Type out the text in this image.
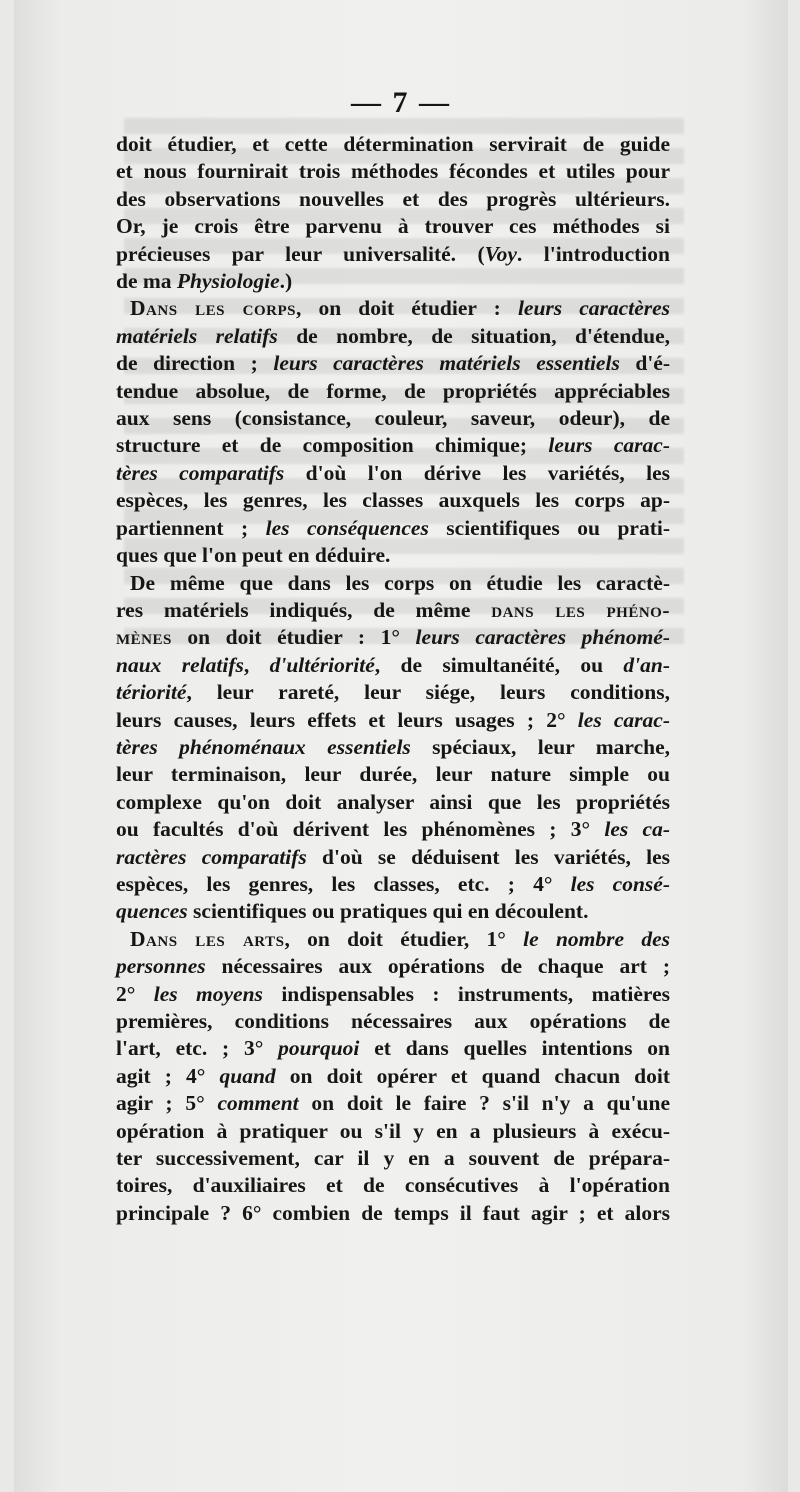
— 7 —
doit étudier, et cette détermination servirait de guide
et nous fournirait trois méthodes fécondes et utiles pour
des observations nouvelles et des progrès ultérieurs.
Or, je crois être parvenu à trouver ces méthodes si
précieuses par leur universalité. (Voy. l'introduction
de ma Physiologie.)
Dans les corps, on doit étudier : leurs caractères
matériels relatifs de nombre, de situation, d'étendue,
de direction ; leurs caractères matériels essentiels d'é-
tendue absolue, de forme, de propriétés appréciables
aux sens (consistance, couleur, saveur, odeur), de
structure et de composition chimique; leurs carac-
tères comparatifs d'où l'on dérive les variétés, les
espèces, les genres, les classes auxquels les corps ap-
partiennent ; les conséquences scientifiques ou prati-
ques que l'on peut en déduire.
De même que dans les corps on étudie les caractè-
res matériels indiqués, de même dans les phéno-
mènes on doit étudier : 1° leurs caractères phénomé-
naux relatifs, d'ultériorité, de simultanéité, ou d'an-
tériorité, leur rareté, leur siége, leurs conditions,
leurs causes, leurs effets et leurs usages ; 2° les carac-
tères phénoménaux essentiels spéciaux, leur marche,
leur terminaison, leur durée, leur nature simple ou
complexe qu'on doit analyser ainsi que les propriétés
ou facultés d'où dérivent les phénomènes ; 3° les ca-
ractères comparatifs d'où se déduisent les variétés, les
espèces, les genres, les classes, etc. ; 4° les consé-
quences scientifiques ou pratiques qui en découlent.
Dans les arts, on doit étudier, 1° le nombre des
personnes nécessaires aux opérations de chaque art ;
2° les moyens indispensables : instruments, matières
premières, conditions nécessaires aux opérations de
l'art, etc. ; 3° pourquoi et dans quelles intentions on
agit ; 4° quand on doit opérer et quand chacun doit
agir ; 5° comment on doit le faire ? s'il n'y a qu'une
opération à pratiquer ou s'il y en a plusieurs à exécu-
ter successivement, car il y en a souvent de prépara-
toires, d'auxiliaires et de consécutives à l'opération
principale ? 6° combien de temps il faut agir ; et alors
